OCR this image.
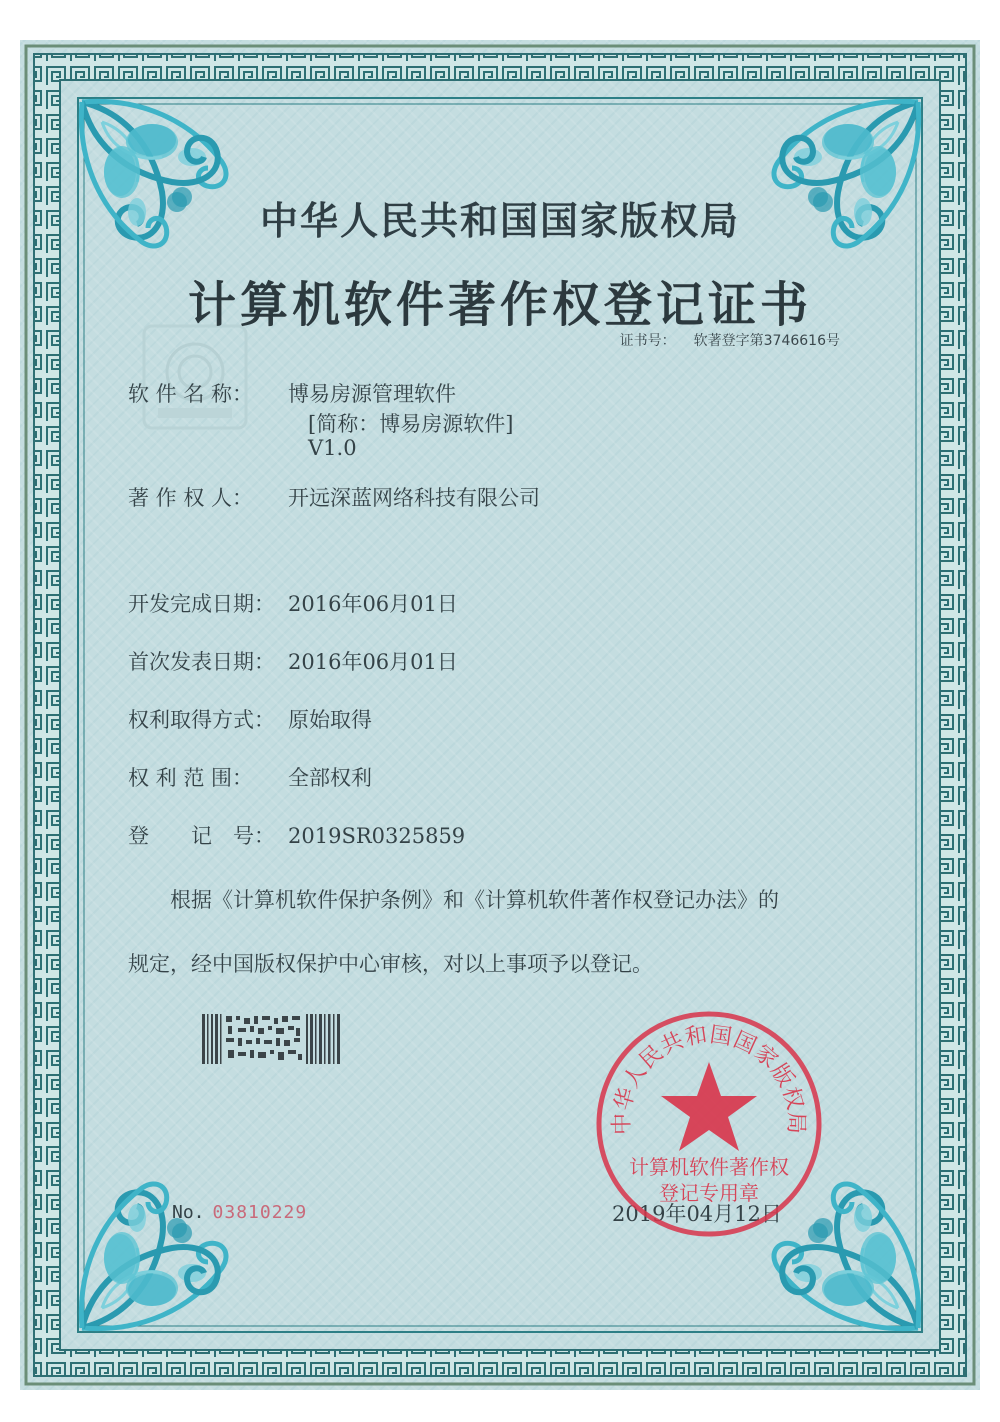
中华人民共和国国家版权局
计算机软件著作权登记证书
证书号： 软著登字第3746616号
软 件 名 称： 博易房源管理软件
[简称：博易房源软件]
V1.0
著 作 权 人： 开远深蓝网络科技有限公司
开发完成日期： 2016年06月01日
首次发表日期： 2016年06月01日
权利取得方式： 原始取得
权 利 范 围： 全部权利
登　　记　号： 2019SR0325859
根据《计算机软件保护条例》和《计算机软件著作权登记办法》的
规定，经中国版权保护中心审核，对以上事项予以登记。
No. 03810229	2019年04月12日
中华人民共和国国家版权局
计算机软件著作权
登记专用章
